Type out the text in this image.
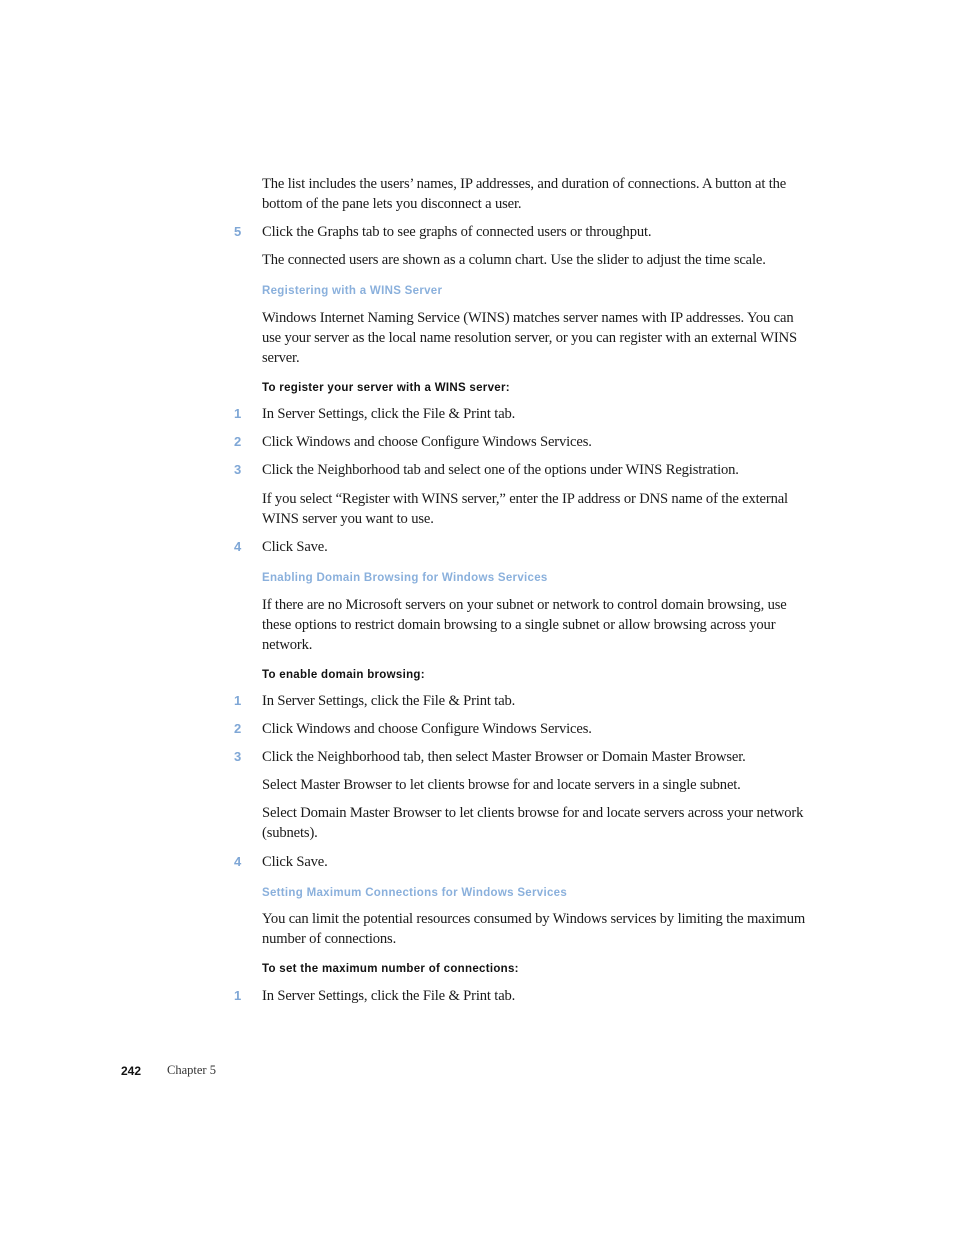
The list includes the users’ names, IP addresses, and duration of connections. A button at the bottom of the pane lets you disconnect a user.

5 Click the Graphs tab to see graphs of connected users or throughput.

The connected users are shown as a column chart. Use the slider to adjust the time scale.

Registering with a WINS Server

Windows Internet Naming Service (WINS) matches server names with IP addresses. You can use your server as the local name resolution server, or you can register with an external WINS server.

To register your server with a WINS server:
1 In Server Settings, click the File & Print tab.
2 Click Windows and choose Configure Windows Services.
3 Click the Neighborhood tab and select one of the options under WINS Registration.

If you select “Register with WINS server,” enter the IP address or DNS name of the external WINS server you want to use.

4 Click Save.
Enabling Domain Browsing for Windows Services

If there are no Microsoft servers on your subnet or network to control domain browsing, use these options to restrict domain browsing to a single subnet or allow browsing across your network.

To enable domain browsing:
1 In Server Settings, click the File & Print tab.
2 Click Windows and choose Configure Windows Services.
3 Click the Neighborhood tab, then select Master Browser or Domain Master Browser.

Select Master Browser to let clients browse for and locate servers in a single subnet.

Select Domain Master Browser to let clients browse for and locate servers across your network (subnets).

4 Click Save.
Setting Maximum Connections for Windows Services

You can limit the potential resources consumed by Windows services by limiting the maximum number of connections.

To set the maximum number of connections:
1 In Server Settings, click the File & Print tab.
242 Chapter 5
